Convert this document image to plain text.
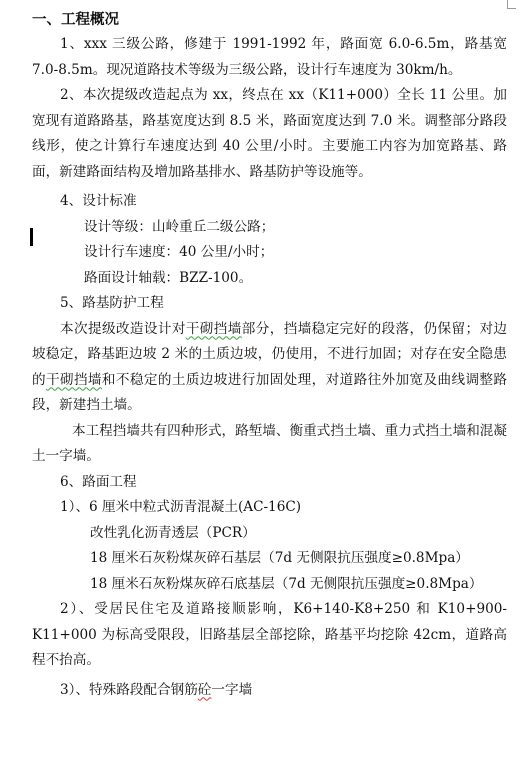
一、工程概况

1、xxx 三级公路，修建于 1991-1992 年，路面宽 6.0-6.5m，路基宽 7.0-8.5m。现况道路技术等级为三级公路，设计行车速度为 30km/h。

2、本次提级改造起点为 xx，终点在 xx（K11+000）全长 11 公里。加宽现有道路路基，路基宽度达到 8.5 米，路面宽度达到 7.0 米。调整部分路段线形，使之计算行车速度达到 40 公里/小时。主要施工内容为加宽路基、路面，新建路面结构及增加路基排水、路基防护等设施等。

4、设计标准

设计等级：山岭重丘二级公路；

设计行车速度：40 公里/小时；

路面设计轴载：BZZ-100。

5、路基防护工程

本次提级改造设计对干砌挡墙部分，挡墙稳定完好的段落，仍保留；对边坡稳定，路基距边坡 2 米的土质边坡，仍使用，不进行加固；对存在安全隐患的干砌挡墙和不稳定的土质边坡进行加固处理，对道路往外加宽及曲线调整路段，新建挡土墙。

本工程挡墙共有四种形式，路堑墙、衡重式挡土墙、重力式挡土墙和混凝土一字墙。

6、路面工程

1）、6 厘米中粒式沥青混凝土(AC-16C)

改性乳化沥青透层（PCR）

18 厘米石灰粉煤灰碎石基层（7d 无侧限抗压强度≥0.8Mpa）

18 厘米石灰粉煤灰碎石底基层（7d 无侧限抗压强度≥0.8Mpa）

2）、受居民住宅及道路接顺影响，K6+140-K8+250 和 K10+900-K11+000 为标高受限段，旧路基层全部挖除，路基平均挖除 42cm，道路高程不抬高。

3）、特殊路段配合钢筋砼一字墙
